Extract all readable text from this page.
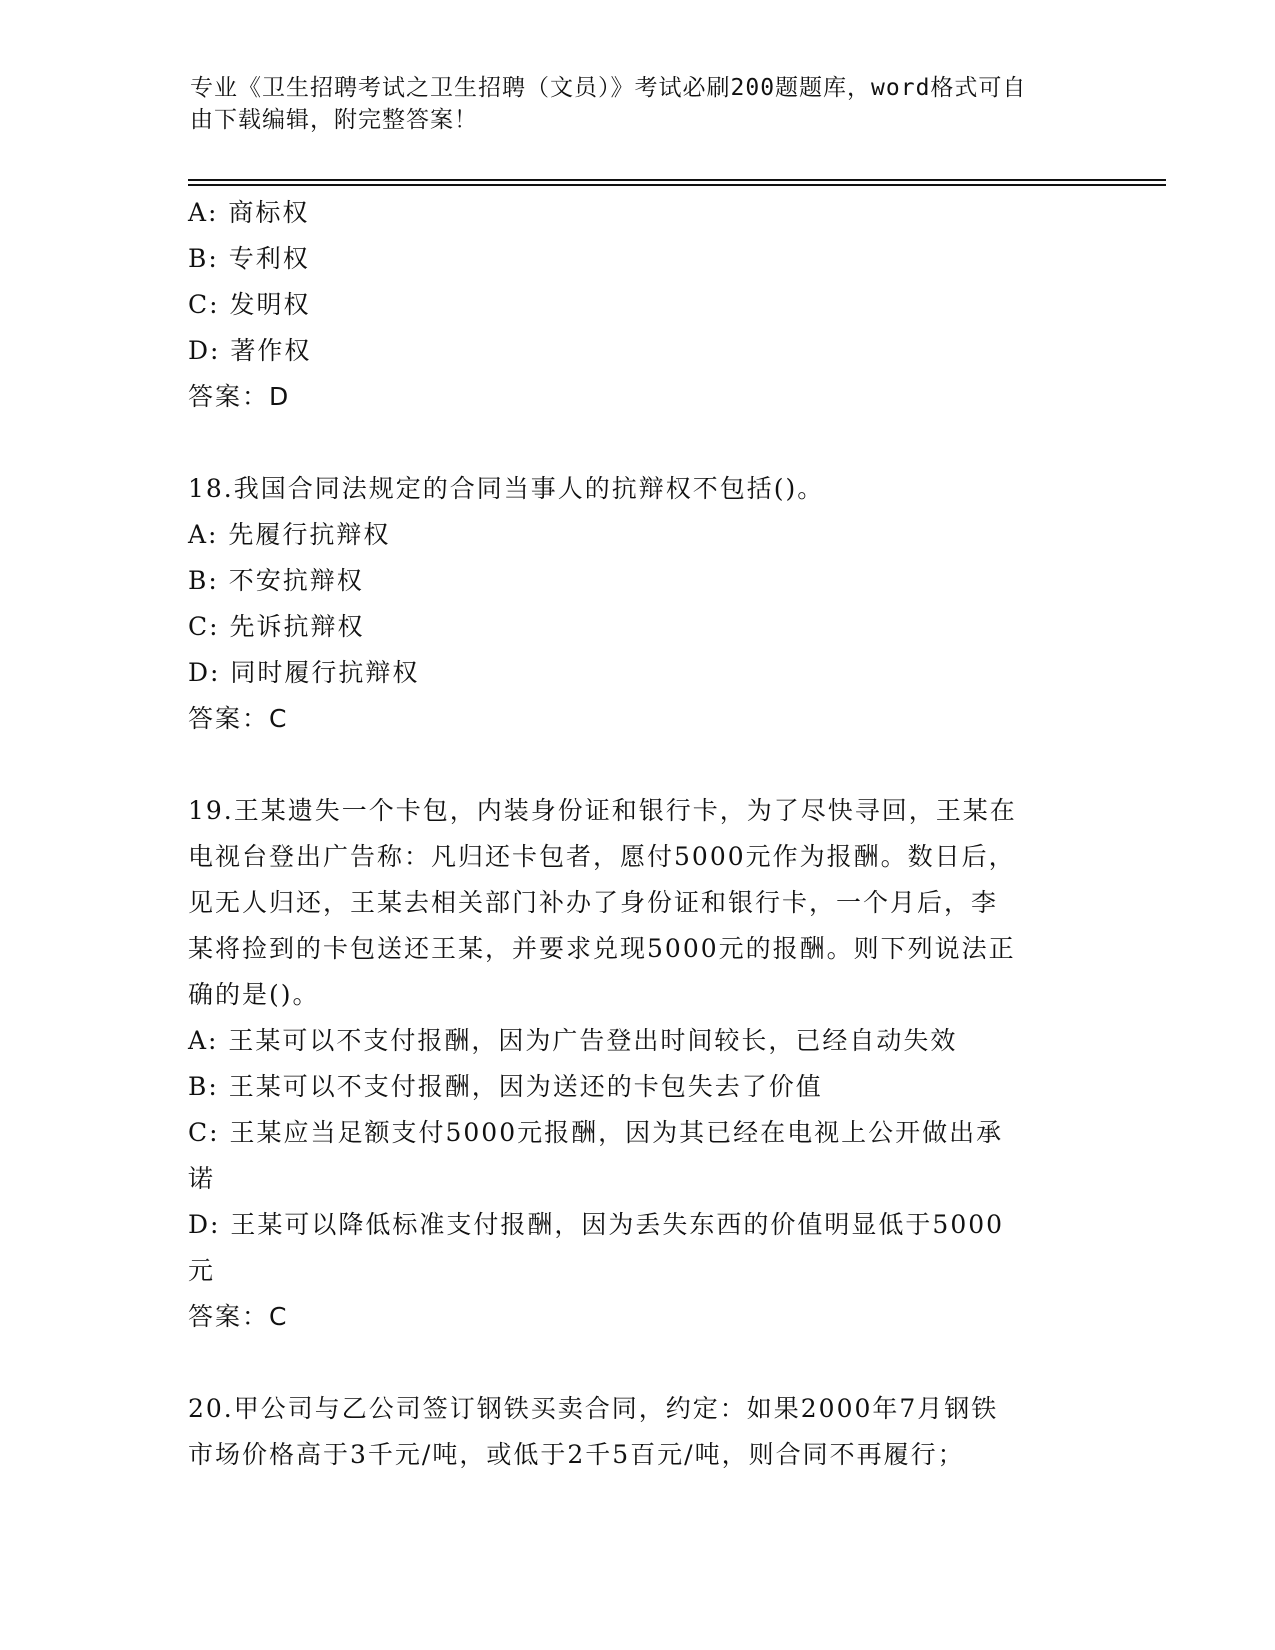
专业《卫生招聘考试之卫生招聘（文员）》考试必刷200题题库，word格式可自
由下载编辑，附完整答案！

A: 商标权

B: 专利权

C: 发明权

D: 著作权

答案：D

18.我国合同法规定的合同当事人的抗辩权不包括()。

A: 先履行抗辩权

B: 不安抗辩权

C: 先诉抗辩权

D: 同时履行抗辩权

答案：C

19.王某遗失一个卡包，内装身份证和银行卡，为了尽快寻回，王某在

电视台登出广告称：凡归还卡包者，愿付5000元作为报酬。数日后，

见无人归还，王某去相关部门补办了身份证和银行卡，一个月后，李

某将捡到的卡包送还王某，并要求兑现5000元的报酬。则下列说法正

确的是()。

A: 王某可以不支付报酬，因为广告登出时间较长，已经自动失效

B: 王某可以不支付报酬，因为送还的卡包失去了价值

C: 王某应当足额支付5000元报酬，因为其已经在电视上公开做出承

诺

D: 王某可以降低标准支付报酬，因为丢失东西的价值明显低于5000

元

答案：C

20.甲公司与乙公司签订钢铁买卖合同，约定：如果2000年7月钢铁

市场价格高于3千元/吨，或低于2千5百元/吨，则合同不再履行；
